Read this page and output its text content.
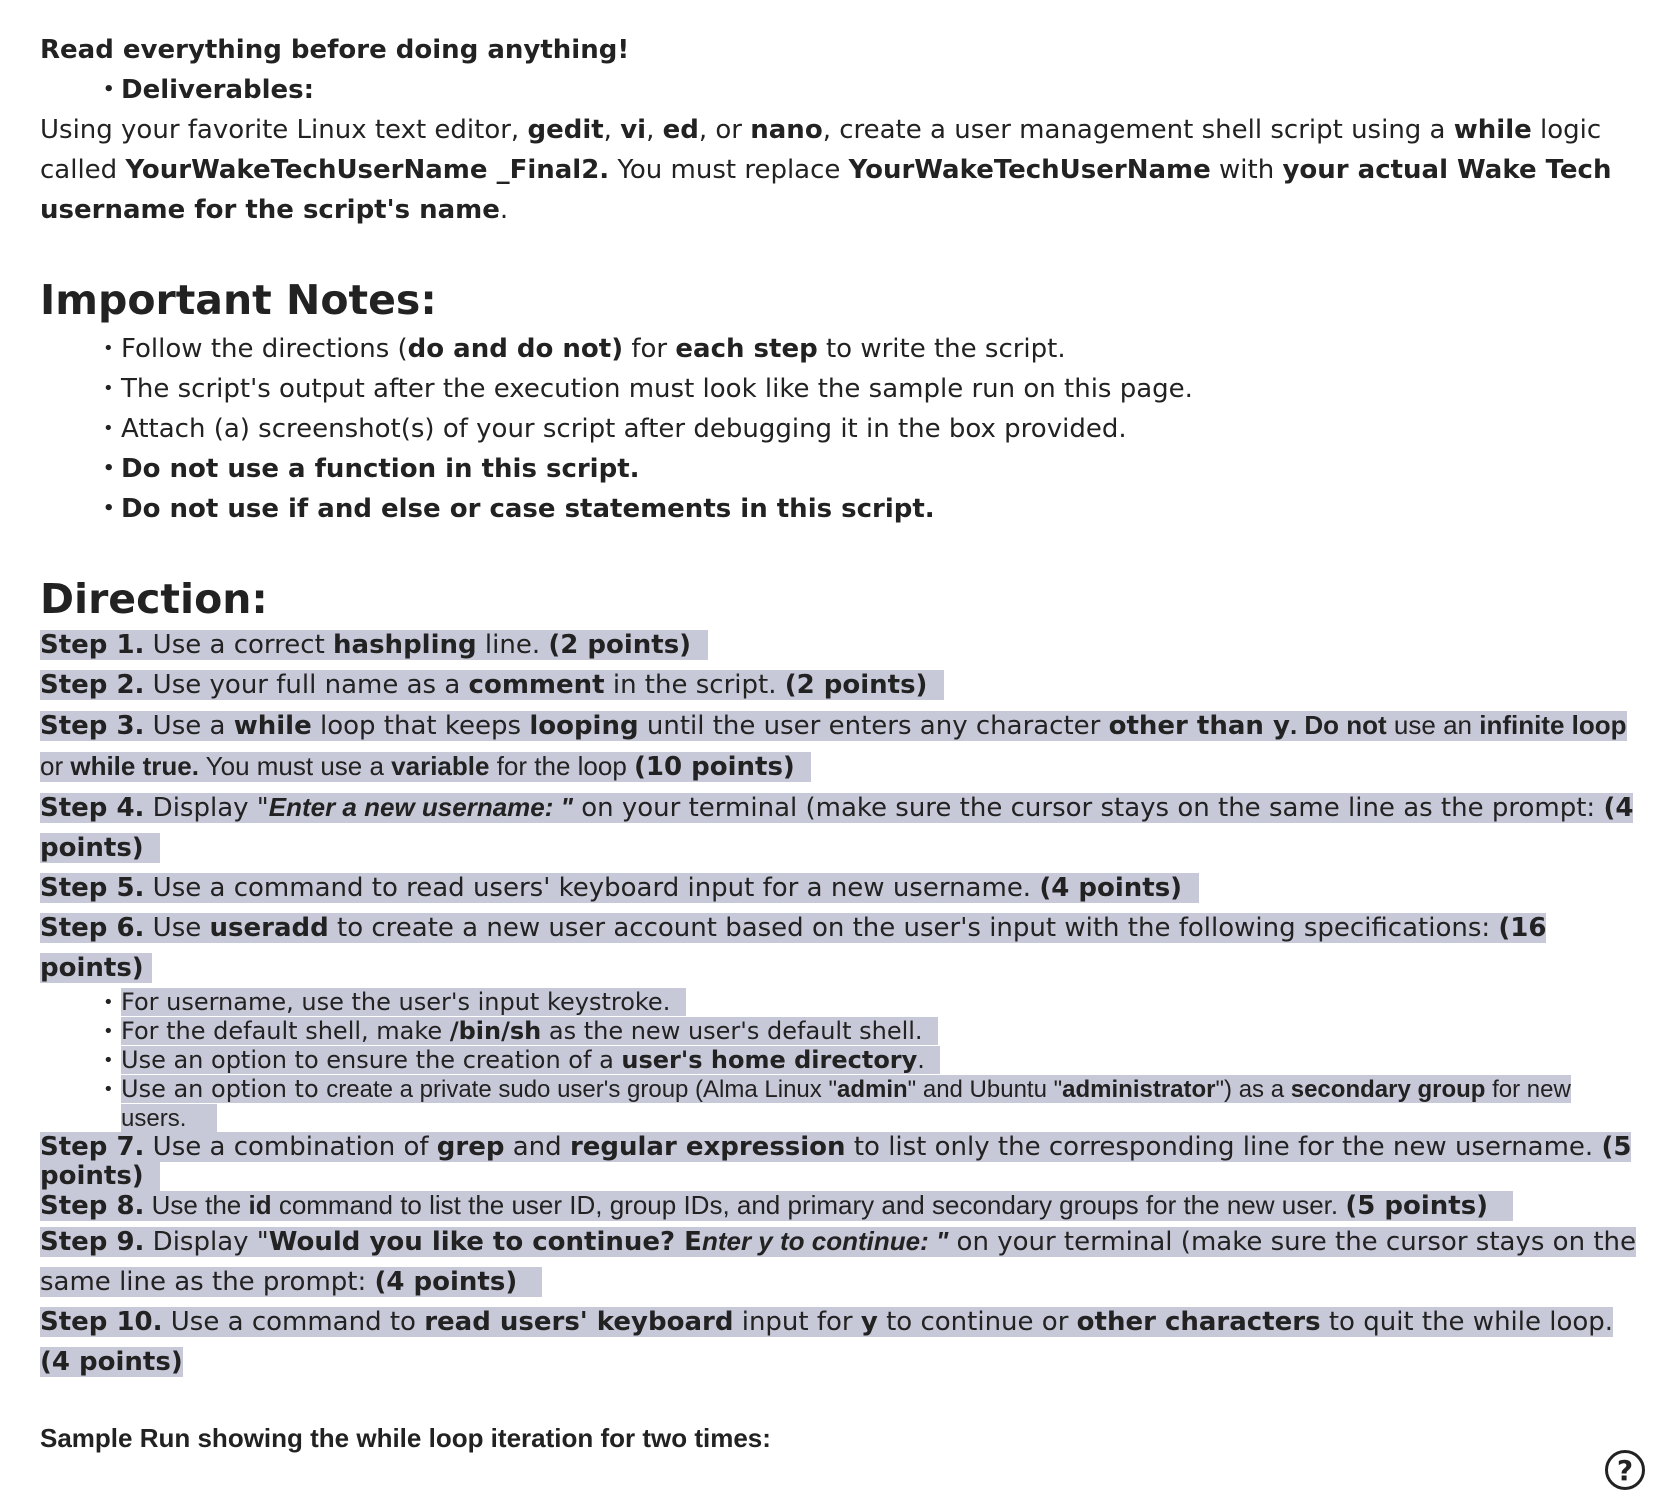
Read everything before doing anything!

• Deliverables:

Using your favorite Linux text editor, gedit, vi, ed, or nano, create a user management shell script using a while logic called YourWakeTechUserName _Final2. You must replace YourWakeTechUserName with your actual Wake Tech username for the script's name.

Important Notes:
• Follow the directions (do and do not) for each step to write the script.
• The script's output after the execution must look like the sample run on this page.
• Attach (a) screenshot(s) of your script after debugging it in the box provided.
• Do not use a function in this script.
• Do not use if and else or case statements in this script.
Direction:
Step 1. Use a correct hashpling line. (2 points)
Step 2. Use your full name as a comment in the script. (2 points)
Step 3. Use a while loop that keeps looping until the user enters any character other than y. Do not use an infinite loop or while true. You must use a variable for the loop (10 points)
Step 4. Display "Enter a new username: " on your terminal (make sure the cursor stays on the same line as the prompt: (4 points)
Step 5. Use a command to read users' keyboard input for a new username. (4 points)
Step 6. Use useradd to create a new user account based on the user's input with the following specifications: (16 points)
• For username, use the user's input keystroke.
• For the default shell, make /bin/sh as the new user's default shell.
• Use an option to ensure the creation of a user's home directory.
• Use an option to create a private sudo user's group (Alma Linux "admin" and Ubuntu "administrator") as a secondary group for new users.
Step 7. Use a combination of grep and regular expression to list only the corresponding line for the new username. (5 points)
Step 8. Use the id command to list the user ID, group IDs, and primary and secondary groups for the new user. (5 points)
Step 9. Display "Would you like to continue? Enter y to continue: " on your terminal (make sure the cursor stays on the same line as the prompt: (4 points)
Step 10. Use a command to read users' keyboard input for y to continue or other characters to quit the while loop. (4 points)

Sample Run showing the while loop iteration for two times:

?
